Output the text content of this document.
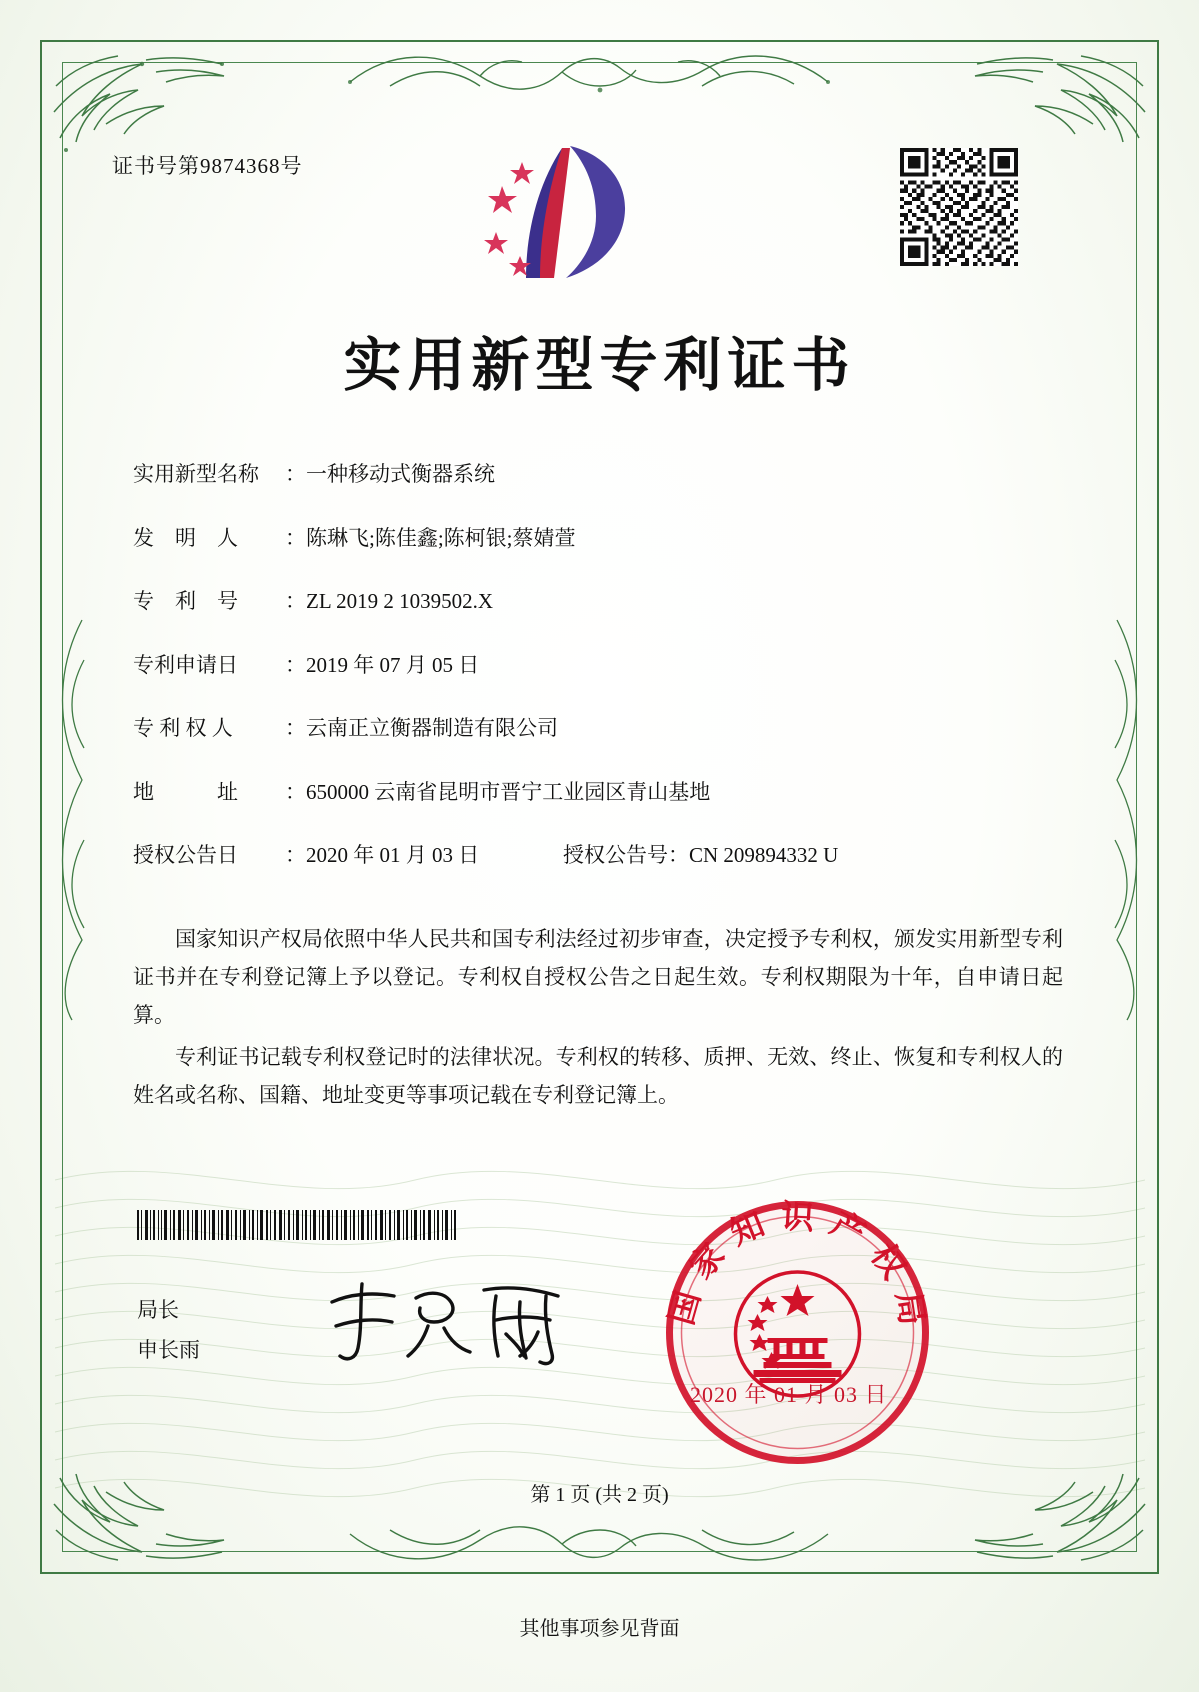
证书号第9874368号
实用新型专利证书
实用新型名称 ：一种移动式衡器系统
发　明　人 ：陈琳飞;陈佳鑫;陈柯银;蔡婧萱
专　利　号 ：ZL 2019 2 1039502.X
专利申请日 ：2019 年 07 月 05 日
专 利 权 人 ：云南正立衡器制造有限公司
地　　　址 ：650000 云南省昆明市晋宁工业园区青山基地
授权公告日 ：2020 年 01 月 03 日	授权公告号：CN 209894332 U

国家知识产权局依照中华人民共和国专利法经过初步审查，决定授予专利权，颁发实用新型专利证书并在专利登记簿上予以登记。专利权自授权公告之日起生效。专利权期限为十年，自申请日起算。

专利证书记载专利权登记时的法律状况。专利权的转移、质押、无效、终止、恢复和专利权人的姓名或名称、国籍、地址变更等事项记载在专利登记簿上。

局长
申长雨
国家知识产权局
2020 年 01 月 03 日
第 1 页 (共 2 页)
其他事项参见背面
